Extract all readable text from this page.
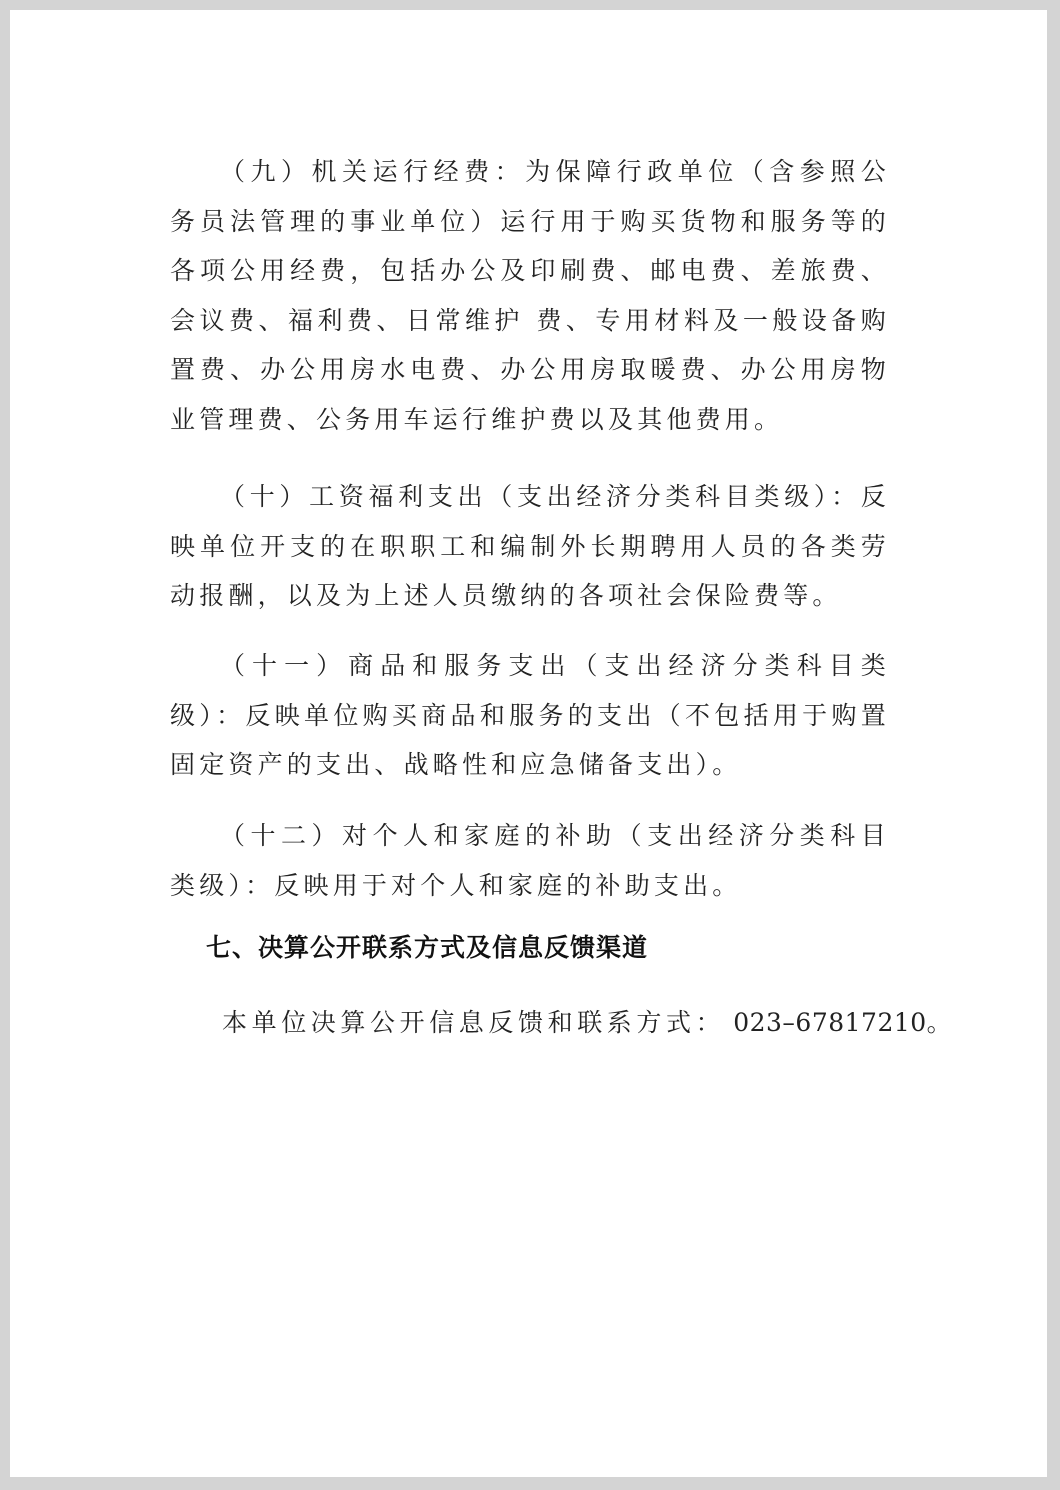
（九）机关运行经费：为保障行政单位（含参照公务员法管理的事业单位）运行用于购买货物和服务等的各项公用经费，包括办公及印刷费、邮电费、差旅费、会议费、福利费、日常维护 费、专用材料及一般设备购置费、办公用房水电费、办公用房取暖费、办公用房物业管理费、公务用车运行维护费以及其他费用。

（十）工资福利支出（支出经济分类科目类级）：反映单位开支的在职职工和编制外长期聘用人员的各类劳动报酬，以及为上述人员缴纳的各项社会保险费等。

（十一）商品和服务支出（支出经济分类科目类级）：反映单位购买商品和服务的支出（不包括用于购置固定资产的支出、战略性和应急储备支出）。

（十二）对个人和家庭的补助（支出经济分类科目类级）：反映用于对个人和家庭的补助支出。

七、决算公开联系方式及信息反馈渠道

本单位决算公开信息反馈和联系方式： 023–67817210。
